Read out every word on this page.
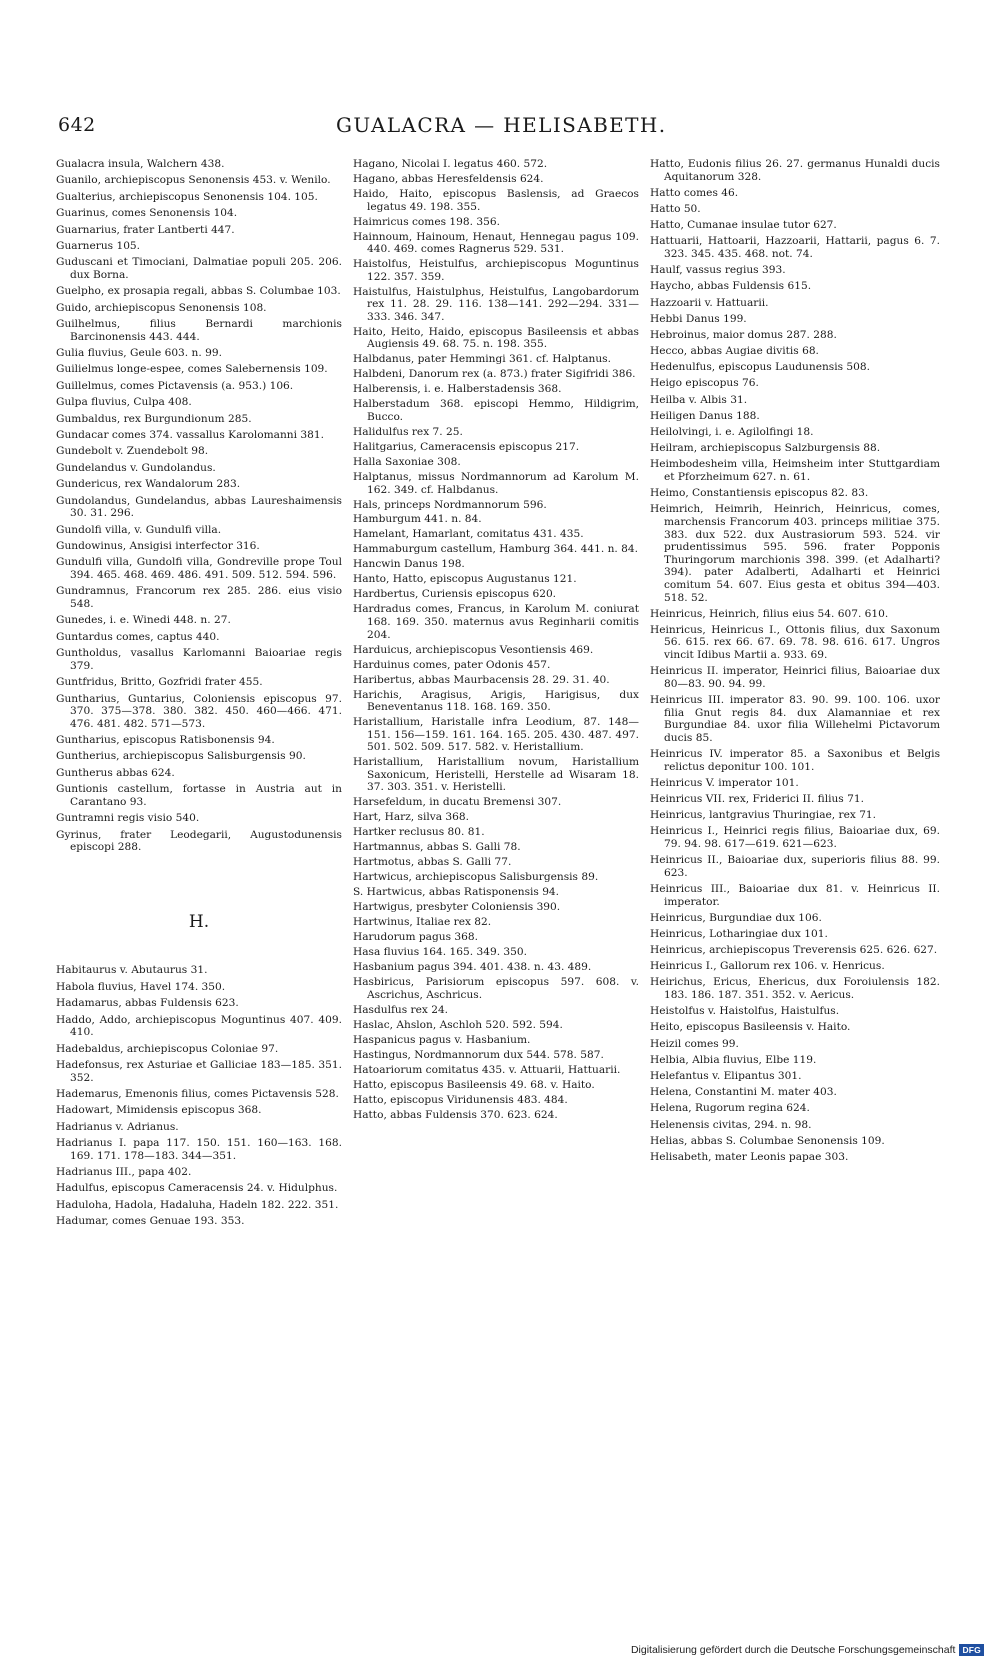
642	GUALACRA — HELISABETH.
Gualacra insula, Walchern 438.
Guanilo, archiepiscopus Senonensis 453. v. Wenilo.
Gualterius, archiepiscopus Senonensis 104. 105.
Guarinus, comes Senonensis 104.
Guarnarius, frater Lantberti 447.
Guarnerus 105.
Guduscani et Timociani, Dalmatiae populi 205. 206. dux Borna.
Guelpho, ex prosapia regali, abbas S. Columbae 103.
Guido, archiepiscopus Senonensis 108.
Guilhelmus, filius Bernardi marchionis Barcinonensis 443. 444.
Gulia fluvius, Geule 603. n. 99.
Guilielmus longe-espee, comes Salebernensis 109.
Guillelmus, comes Pictavensis (a. 953.) 106.
Gulpa fluvius, Culpa 408.
Gumbaldus, rex Burgundionum 285.
Gundacar comes 374. vassallus Karolomanni 381.
Gundebolt v. Zuendebolt 98.
Gundelandus v. Gundolandus.
Gundericus, rex Wandalorum 283.
Gundolandus, Gundelandus, abbas Laureshaimensis 30. 31. 296.
Gundolfi villa, v. Gundulfi villa.
Gundowinus, Ansigisi interfector 316.
Gundulfi villa, Gundolfi villa, Gondreville prope Toul 394. 465. 468. 469. 486. 491. 509. 512. 594. 596.
Gundramnus, Francorum rex 285. 286. eius visio 548.
Gunedes, i. e. Winedi 448. n. 27.
Guntardus comes, captus 440.
Guntholdus, vasallus Karlomanni Baioariae regis 379.
Guntfridus, Britto, Gozfridi frater 455.
Guntharius, Guntarius, Coloniensis episcopus 97. 370. 375—378. 380. 382. 450. 460—466. 471. 476. 481. 482. 571—573.
Guntharius, episcopus Ratisbonensis 94.
Guntherius, archiepiscopus Salisburgensis 90.
Guntherus abbas 624.
Guntionis castellum, fortasse in Austria aut in Carantano 93.
Guntramni regis visio 540.
Gyrinus, frater Leodegarii, Augustodunensis episcopi 288.
H.
Habitaurus v. Abutaurus 31.
Habola fluvius, Havel 174. 350.
Hadamarus, abbas Fuldensis 623.
Haddo, Addo, archiepiscopus Moguntinus 407. 409. 410.
Hadebaldus, archiepiscopus Coloniae 97.
Hadefonsus, rex Asturiae et Galliciae 183—185. 351. 352.
Hademarus, Emenonis filius, comes Pictavensis 528.
Hadowart, Mimidensis episcopus 368.
Hadrianus v. Adrianus.
Hadrianus I. papa 117. 150. 151. 160—163. 168. 169. 171. 178—183. 344—351.
Hadrianus III., papa 402.
Hadulfus, episcopus Cameracensis 24. v. Hidulphus.
Haduloha, Hadola, Hadaluha, Hadeln 182. 222. 351.
Hadumar, comes Genuae 193. 353.
Hagano, Nicolai I. legatus 460. 572.
Hagano, abbas Heresfeldensis 624.
Haido, Haito, episcopus Baslensis, ad Graecos legatus 49. 198. 355.
Haimricus comes 198. 356.
Hainnoum, Hainoum, Henaut, Hennegau pagus 109. 440. 469. comes Ragnerus 529. 531.
Haistolfus, Heistulfus, archiepiscopus Moguntinus 122. 357. 359.
Haistulfus, Haistulphus, Heistulfus, Langobardorum rex 11. 28. 29. 116. 138—141. 292—294. 331—333. 346. 347.
Haito, Heito, Haido, episcopus Basileensis et abbas Augiensis 49. 68. 75. n. 198. 355.
Halbdanus, pater Hemmingi 361. cf. Halptanus.
Halbdeni, Danorum rex (a. 873.) frater Sigifridi 386.
Halberensis, i. e. Halberstadensis 368.
Halberstadum 368. episcopi Hemmo, Hildigrim, Bucco.
Halidulfus rex 7. 25.
Halitgarius, Cameracensis episcopus 217.
Halla Saxoniae 308.
Halptanus, missus Nordmannorum ad Karolum M. 162. 349. cf. Halbdanus.
Hals, princeps Nordmannorum 596.
Hamburgum 441. n. 84.
Hamelant, Hamarlant, comitatus 431. 435.
Hammaburgum castellum, Hamburg 364. 441. n. 84.
Hancwin Danus 198.
Hanto, Hatto, episcopus Augustanus 121.
Hardbertus, Curiensis episcopus 620.
Hardradus comes, Francus, in Karolum M. coniurat 168. 169. 350. maternus avus Reginharii comitis 204.
Harduicus, archiepiscopus Vesontiensis 469.
Harduinus comes, pater Odonis 457.
Haribertus, abbas Maurbacensis 28. 29. 31. 40.
Harichis, Aragisus, Arigis, Harigisus, dux Beneventanus 118. 168. 169. 350.
Haristallium, Haristalle infra Leodium, 87. 148—151. 156—159. 161. 164. 165. 205. 430. 487. 497. 501. 502. 509. 517. 582. v. Heristallium.
Haristallium, Haristallium novum, Haristallium Saxonicum, Heristelli, Herstelle ad Wisaram 18. 37. 303. 351. v. Heristelli.
Harsefeldum, in ducatu Bremensi 307.
Hart, Harz, silva 368.
Hartker reclusus 80. 81.
Hartmannus, abbas S. Galli 78.
Hartmotus, abbas S. Galli 77.
Hartwicus, archiepiscopus Salisburgensis 89.
S. Hartwicus, abbas Ratisponensis 94.
Hartwigus, presbyter Coloniensis 390.
Hartwinus, Italiae rex 82.
Harudorum pagus 368.
Hasa fluvius 164. 165. 349. 350.
Hasbanium pagus 394. 401. 438. n. 43. 489.
Hasbiricus, Parisiorum episcopus 597. 608. v. Ascrichus, Aschricus.
Hasdulfus rex 24.
Haslac, Ahslon, Aschloh 520. 592. 594.
Haspanicus pagus v. Hasbanium.
Hastingus, Nordmannorum dux 544. 578. 587.
Hatoariorum comitatus 435. v. Attuarii, Hattuarii.
Hatto, episcopus Basileensis 49. 68. v. Haito.
Hatto, episcopus Viridunensis 483. 484.
Hatto, abbas Fuldensis 370. 623. 624.
Hatto, Eudonis filius 26. 27. germanus Hunaldi ducis Aquitanorum 328.
Hatto comes 46.
Hatto 50.
Hatto, Cumanae insulae tutor 627.
Hattuarii, Hattoarii, Hazzoarii, Hattarii, pagus 6. 7. 323. 345. 435. 468. not. 74.
Haulf, vassus regius 393.
Haycho, abbas Fuldensis 615.
Hazzoarii v. Hattuarii.
Hebbi Danus 199.
Hebroinus, maior domus 287. 288.
Hecco, abbas Augiae divitis 68.
Hedenulfus, episcopus Laudunensis 508.
Heigo episcopus 76.
Heilba v. Albis 31.
Heiligen Danus 188.
Heilolvingi, i. e. Agilolfingi 18.
Heilram, archiepiscopus Salzburgensis 88.
Heimbodesheim villa, Heimsheim inter Stuttgardiam et Pforzheimum 627. n. 61.
Heimo, Constantiensis episcopus 82. 83.
Heimrich, Heimrih, Heinrich, Heinricus, comes, marchensis Francorum 403. princeps militiae 375. 383. dux 522. dux Austrasiorum 593. 524. vir prudentissimus 595. 596. frater Popponis Thuringorum marchionis 398. 399. (et Adalharti? 394). pater Adalberti, Adalharti et Heinrici comitum 54. 607. Eius gesta et obitus 394—403. 518. 52.
Heinricus, Heinrich, filius eius 54. 607. 610.
Heinricus, Heinricus I., Ottonis filius, dux Saxonum 56. 615. rex 66. 67. 69. 78. 98. 616. 617. Ungros vincit Idibus Martii a. 933. 69.
Heinricus II. imperator, Heinrici filius, Baioariae dux 80—83. 90. 94. 99.
Heinricus III. imperator 83. 90. 99. 100. 106. uxor filia Gnut regis 84. dux Alamanniae et rex Burgundiae 84. uxor filia Willehelmi Pictavorum ducis 85.
Heinricus IV. imperator 85. a Saxonibus et Belgis relictus deponitur 100. 101.
Heinricus V. imperator 101.
Heinricus VII. rex, Friderici II. filius 71.
Heinricus, lantgravius Thuringiae, rex 71.
Heinricus I., Heinrici regis filius, Baioariae dux, 69. 79. 94. 98. 617—619. 621—623.
Heinricus II., Baioariae dux, superioris filius 88. 99. 623.
Heinricus III., Baioariae dux 81. v. Heinricus II. imperator.
Heinricus, Burgundiae dux 106.
Heinricus, Lotharingiae dux 101.
Heinricus, archiepiscopus Treverensis 625. 626. 627.
Heinricus I., Gallorum rex 106. v. Henricus.
Heirichus, Ericus, Ehericus, dux Foroiulensis 182. 183. 186. 187. 351. 352. v. Aericus.
Heistolfus v. Haistolfus, Haistulfus.
Heito, episcopus Basileensis v. Haito.
Heizil comes 99.
Helbia, Albia fluvius, Elbe 119.
Helefantus v. Elipantus 301.
Helena, Constantini M. mater 403.
Helena, Rugorum regina 624.
Helenensis civitas, 294. n. 98.
Helias, abbas S. Columbae Senonensis 109.
Helisabeth, mater Leonis papae 303.
Digitalisierung gefördert durch die Deutsche Forschungsgemeinschaft DFG
